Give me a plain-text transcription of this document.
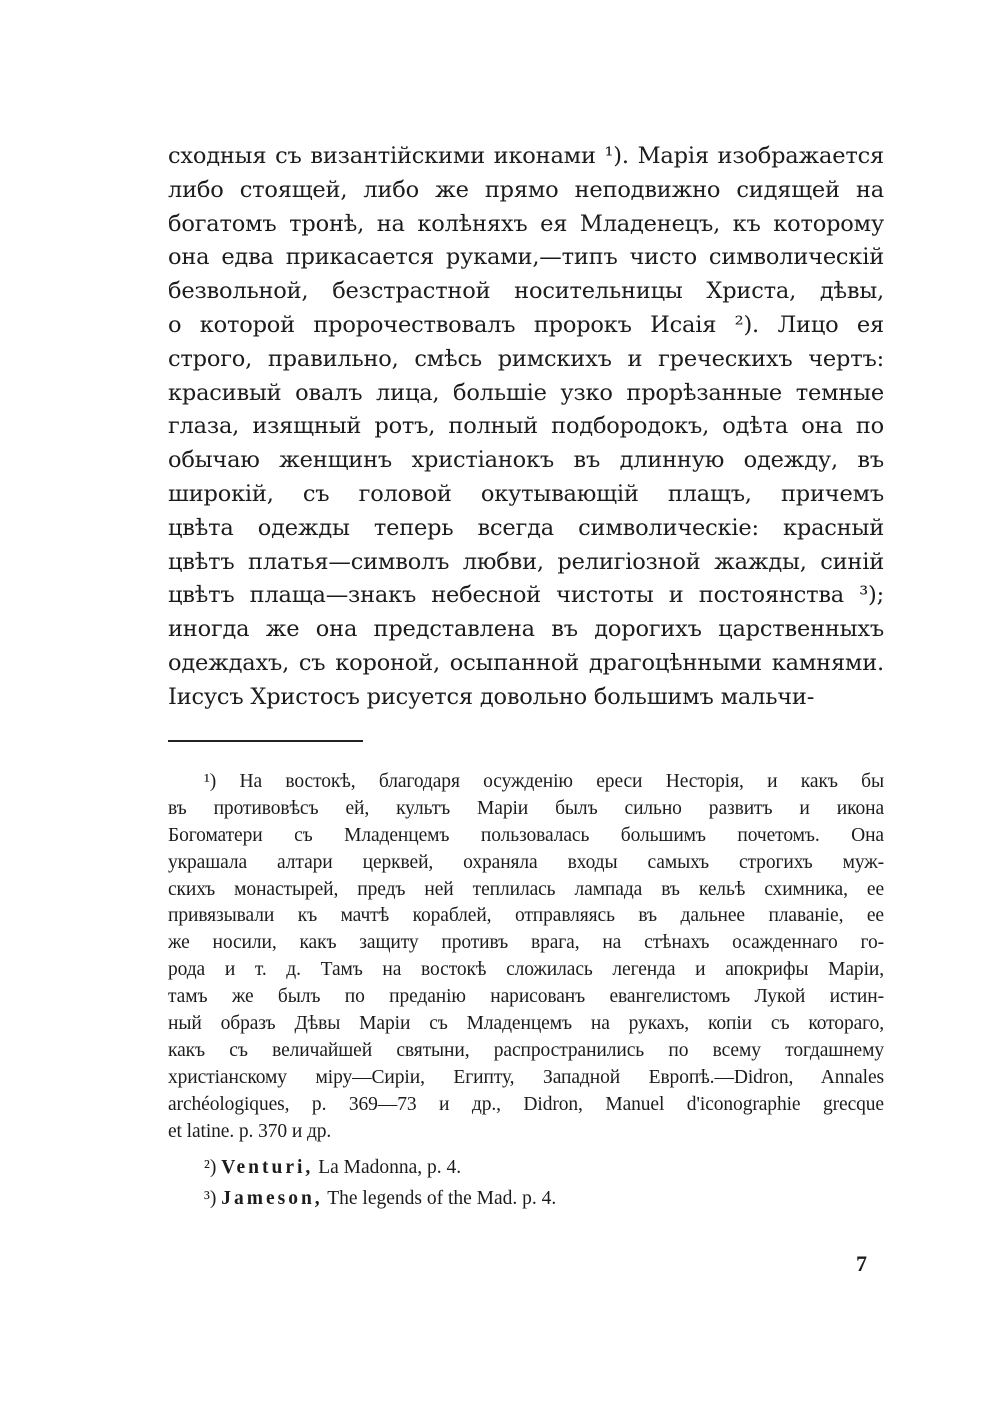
сходныя съ византійскими иконами ¹). Марія изображается
либо стоящей, либо же прямо неподвижно сидящей на
богатомъ тронѣ, на колѣняхъ ея Младенецъ, къ которому
она едва прикасается руками,—типъ чисто символическій
безвольной, безстрастной носительницы Христа, дѣвы,
о которой пророчествовалъ пророкъ Исаія ²). Лицо ея
строго, правильно, смѣсь римскихъ и греческихъ чертъ:
красивый овалъ лица, большіе узко прорѣзанные темные
глаза, изящный ротъ, полный подбородокъ, одѣта она по
обычаю женщинъ христіанокъ въ длинную одежду, въ
широкій, съ головой окутывающій плащъ, причемъ
цвѣта одежды теперь всегда символическіе: красный
цвѣтъ платья—символъ любви, религіозной жажды, синій
цвѣтъ плаща—знакъ небесной чистоты и постоянства ³);
иногда же она представлена въ дорогихъ царственныхъ
одеждахъ, съ короной, осыпанной драгоцѣнными камнями.
Іисусъ Христосъ рисуется довольно большимъ мальчи-
¹) На востокѣ, благодаря осужденію ереси Несторія, и какъ бы
въ противовѣсъ ей, культъ Маріи былъ сильно развитъ и икона
Богоматери съ Младенцемъ пользовалась большимъ почетомъ. Она
украшала алтари церквей, охраняла входы самыхъ строгихъ муж-
скихъ монастырей, предъ ней теплилась лампада въ кельѣ схимника, ее
привязывали къ мачтѣ кораблей, отправляясь въ дальнее плаваніе, ее
же носили, какъ защиту противъ врага, на стѣнахъ осажденнаго го-
рода и т. д. Тамъ на востокѣ сложилась легенда и апокрифы Маріи,
тамъ же былъ по преданію нарисованъ евангелистомъ Лукой истин-
ный образъ Дѣвы Маріи съ Младенцемъ на рукахъ, копіи съ котораго,
какъ съ величайшей святыни, распространились по всему тогдашнему
христіанскому міру—Сиріи, Египту, Западной Европѣ.—Didron, Annales
archéologiques, p. 369—73 и др., Didron, Manuel d'iconographie grecque
et latine. p. 370 и др.
²) Venturi, La Madonna, p. 4.
³) Jameson, The legends of the Mad. p. 4.
7
